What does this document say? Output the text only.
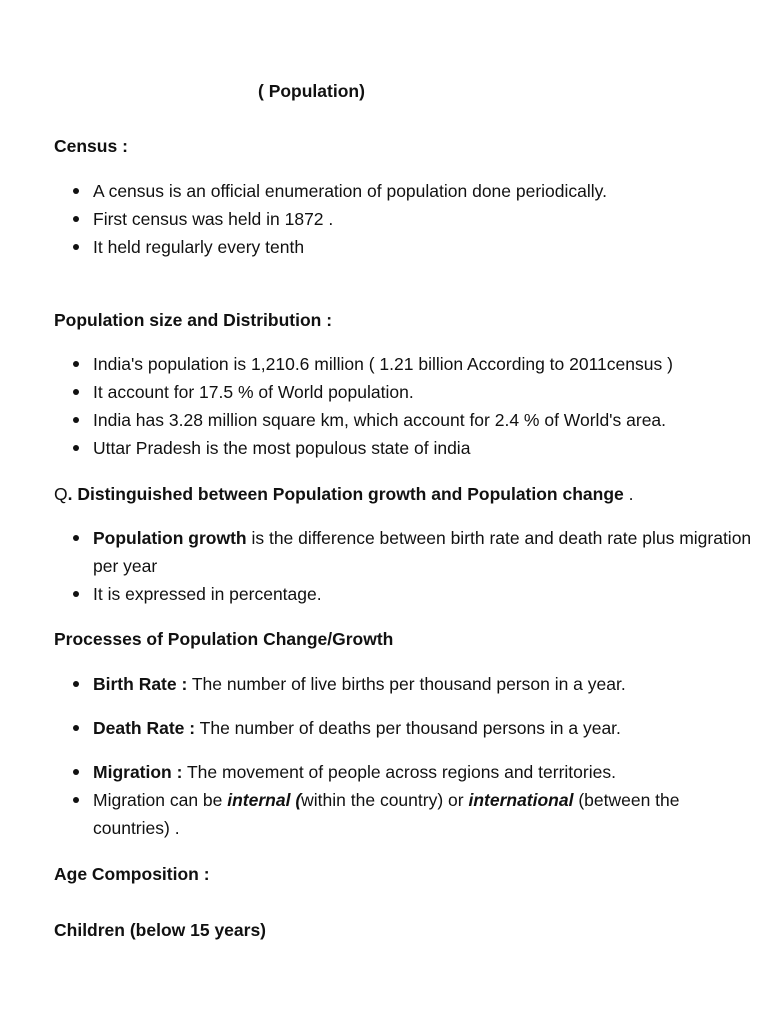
( Population)
Census :
A census is an official enumeration of population done periodically.
First census was held in 1872 .
It held regularly every tenth
Population size and Distribution :
India's population is 1,210.6 million ( 1.21 billion According to 2011census )
It account for 17.5 % of World population.
India has 3.28 million square km, which account for 2.4 % of World's area.
Uttar Pradesh is the most populous state of india

Q. Distinguished between Population growth and Population change .

Population growth is the difference between birth rate and death rate plus migration per year
It is expressed in percentage.
Processes of Population Change/Growth
Birth Rate : The number of live births per thousand person in a year.
Death Rate : The number of deaths per thousand persons in a year.
Migration : The movement of people across regions and territories.
Migration can be internal (within the country) or international (between the countries) .
Age Composition :
Children (below 15 years)
